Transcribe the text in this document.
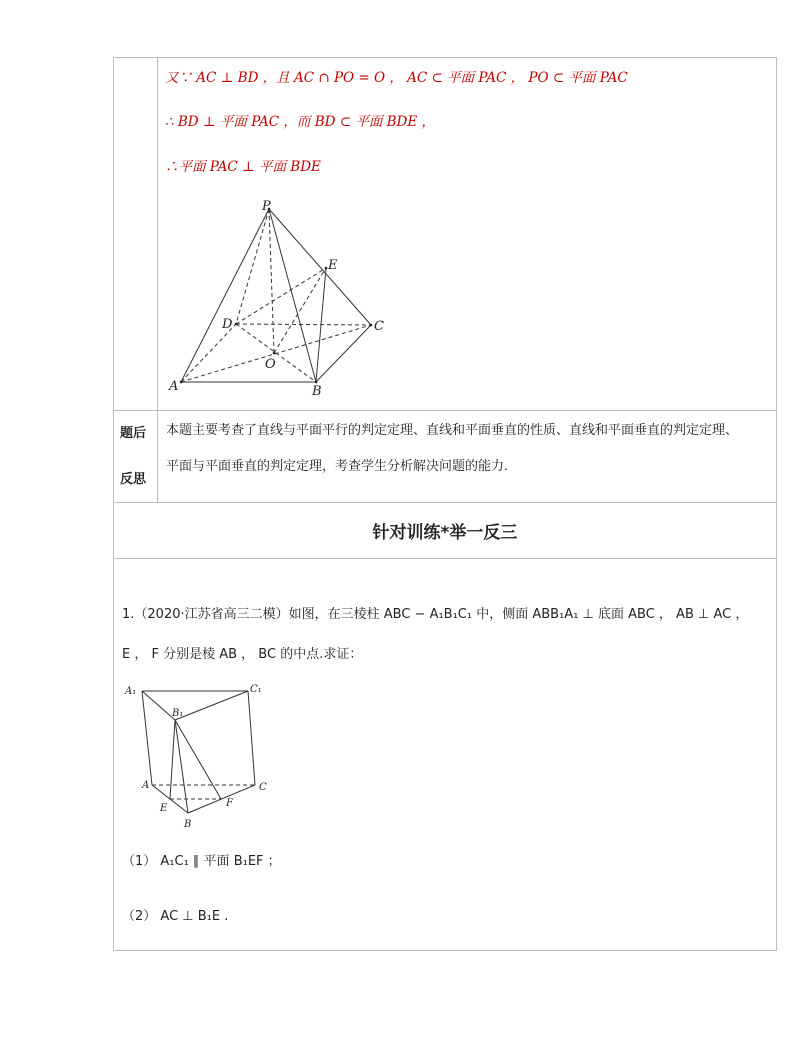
又∵ AC ⊥ BD ，且 AC ∩ PO = O ， AC ⊂ 平面 PAC ， PO ⊂ 平面 PAC
∴ BD ⊥ 平面 PAC ，而 BD ⊂ 平面 BDE ，
∴平面 PAC ⊥ 平面 BDE
P
E
D	C
O
A	B
题后
反思
本题主要考查了直线与平面平行的判定定理、直线和平面垂直的性质、直线和平面垂直的判定定理、
平面与平面垂直的判定定理，考查学生分析解决问题的能力．
针对训练*举一反三
1.（2020·江苏省高三二模）如图，在三棱柱 ABC − A₁B₁C₁ 中，侧面 ABB₁A₁ ⊥ 底面 ABC ， AB ⊥ AC ，
E ， F 分别是棱 AB ， BC 的中点.求证：
A₁	C₁
B₁
A	C
E	F
B
（1） A₁C₁ ∥ 平面 B₁EF ；
（2） AC ⊥ B₁E .
